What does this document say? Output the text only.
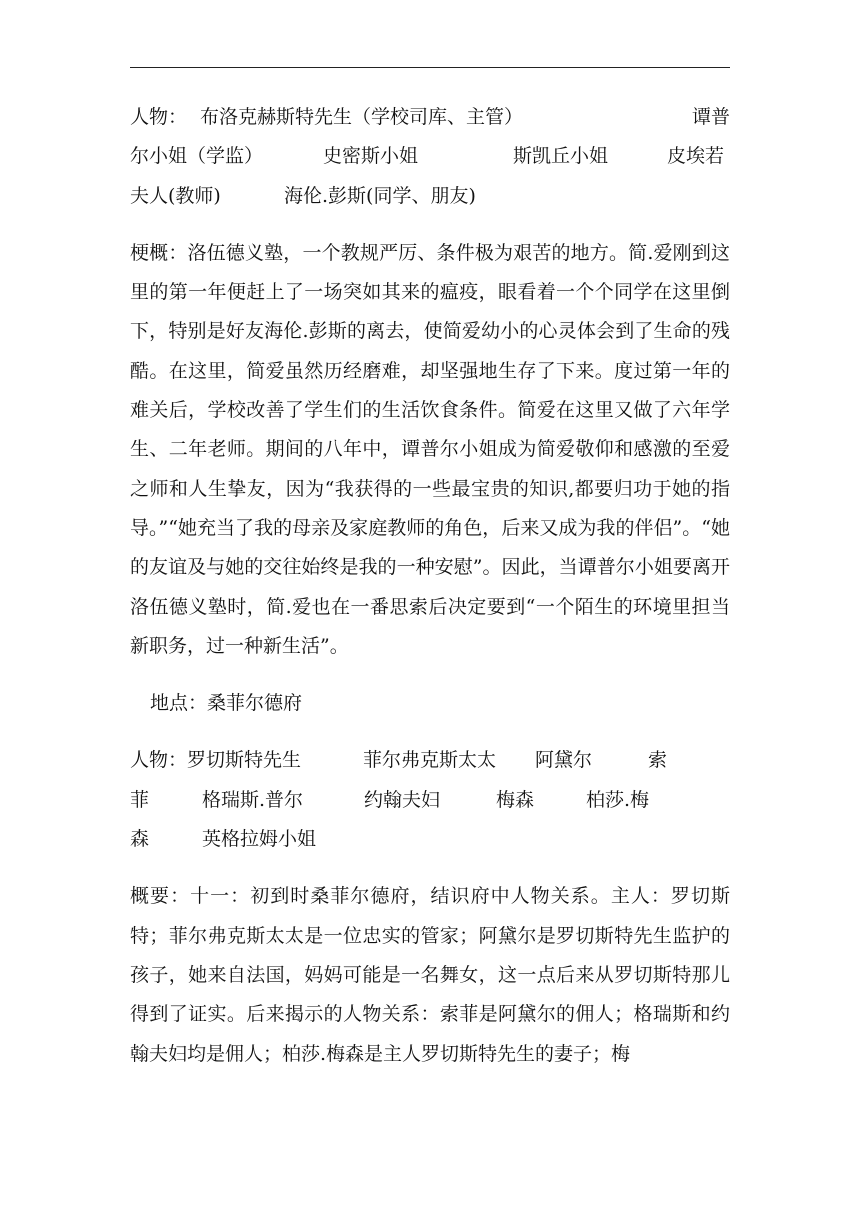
人物： 布洛克赫斯特先生（学校司库、主管）	谭普
尔小姐（学监）	史密斯小姐	斯凯丘小姐	皮埃若
夫人(教师)	海伦.彭斯(同学、朋友)

梗概：洛伍德义塾，一个教规严厉、条件极为艰苦的地方。简.爱刚到这里的第一年便赶上了一场突如其来的瘟疫，眼看着一个个同学在这里倒下，特别是好友海伦.彭斯的离去，使简爱幼小的心灵体会到了生命的残酷。在这里，简爱虽然历经磨难，却坚强地生存了下来。度过第一年的难关后，学校改善了学生们的生活饮食条件。简爱在这里又做了六年学生、二年老师。期间的八年中，谭普尔小姐成为简爱敬仰和感激的至爱之师和人生挚友，因为“我获得的一些最宝贵的知识,都要归功于她的指导。”“她充当了我的母亲及家庭教师的角色，后来又成为我的伴侣”。“她的友谊及与她的交往始终是我的一种安慰”。因此，当谭普尔小姐要离开洛伍德义塾时，简.爱也在一番思索后决定要到“一个陌生的环境里担当新职务，过一种新生活”。

地点：桑菲尔德府
人物：罗切斯特先生	菲尔弗克斯太太	阿黛尔	索
菲	格瑞斯.普尔	约翰夫妇	梅森	柏莎.梅
森	英格拉姆小姐

概要：十一：初到时桑菲尔德府，结识府中人物关系。主人：罗切斯特；菲尔弗克斯太太是一位忠实的管家；阿黛尔是罗切斯特先生监护的孩子，她来自法国，妈妈可能是一名舞女，这一点后来从罗切斯特那儿得到了证实。后来揭示的人物关系：索菲是阿黛尔的佣人；格瑞斯和约翰夫妇均是佣人；柏莎.梅森是主人罗切斯特先生的妻子；梅
